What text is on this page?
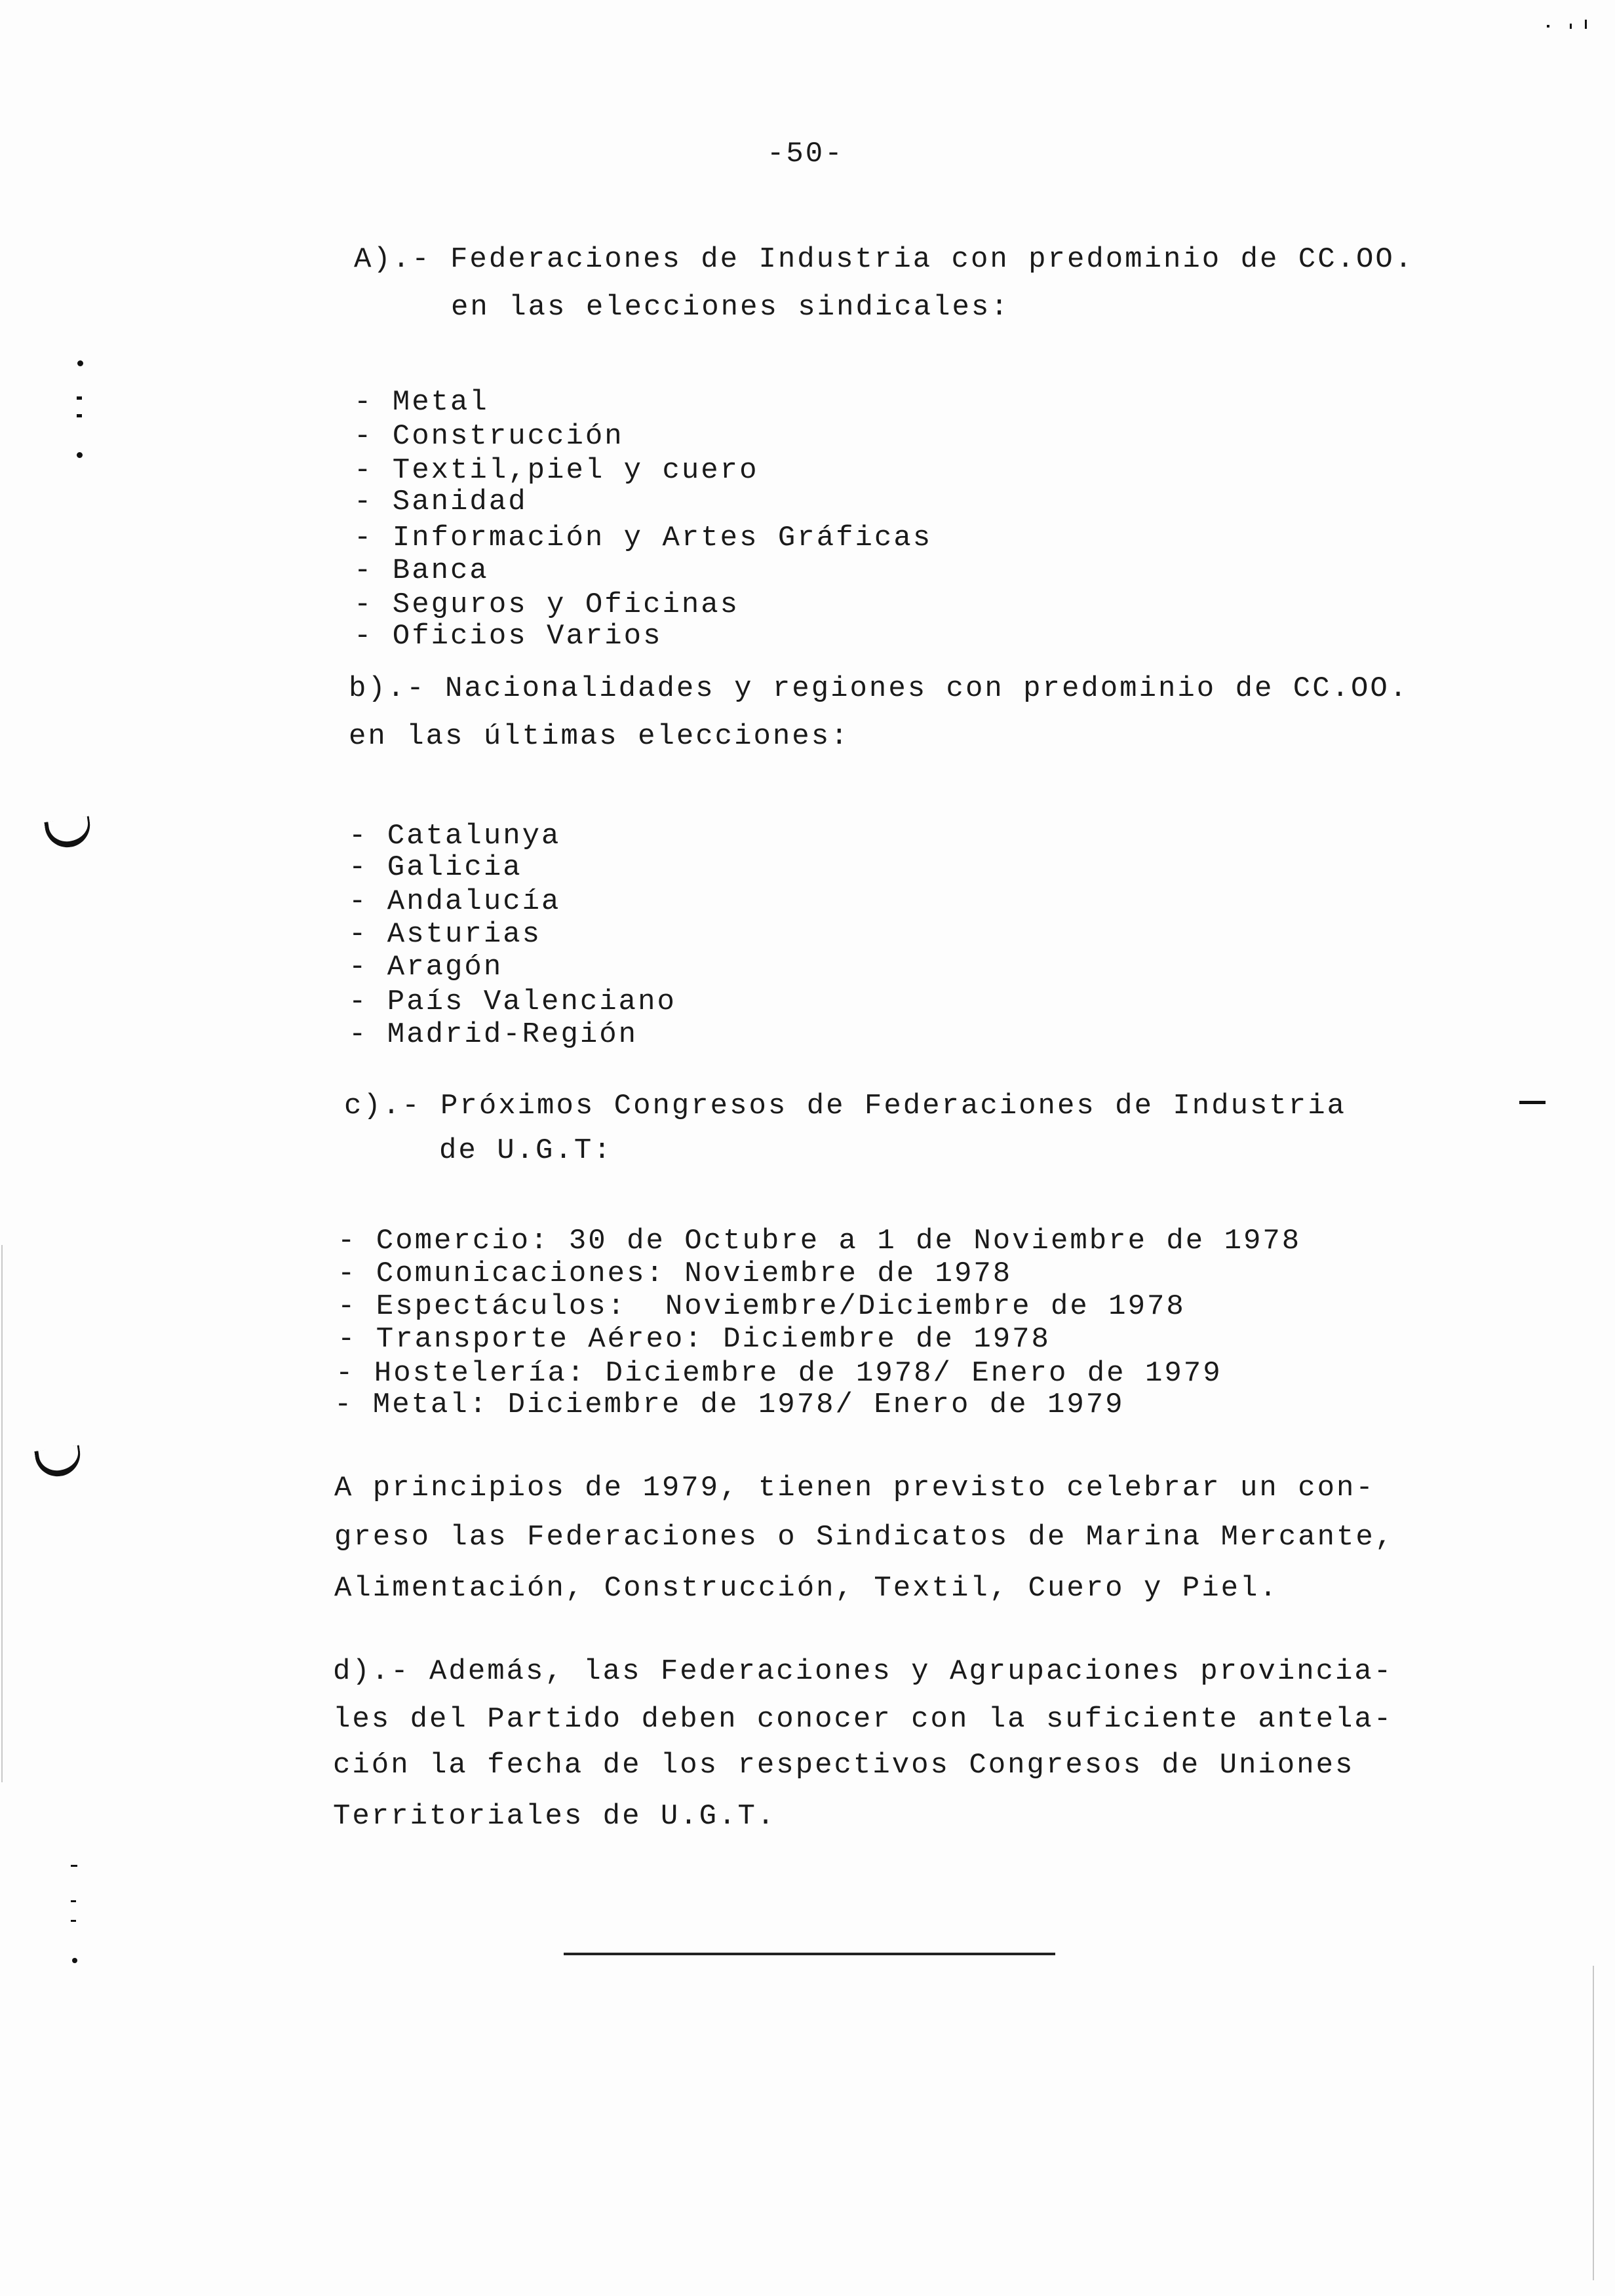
-50-
A).- Federaciones de Industria con predominio de CC.OO.
en las elecciones sindicales:
- Metal
- Construcción
- Textil,piel y cuero
- Sanidad
- Información y Artes Gráficas
- Banca
- Seguros y Oficinas
- Oficios Varios
b).- Nacionalidades y regiones con predominio de CC.OO.
en las últimas elecciones:
- Catalunya
- Galicia
- Andalucía
- Asturias
- Aragón
- País Valenciano
- Madrid-Región
c).- Próximos Congresos de Federaciones de Industria
de U.G.T:
- Comercio: 30 de Octubre a 1 de Noviembre de 1978
- Comunicaciones: Noviembre de 1978
- Espectáculos:  Noviembre/Diciembre de 1978
- Transporte Aéreo: Diciembre de 1978
- Hostelería: Diciembre de 1978/ Enero de 1979
- Metal: Diciembre de 1978/ Enero de 1979
A principios de 1979, tienen previsto celebrar un con-
greso las Federaciones o Sindicatos de Marina Mercante,
Alimentación, Construcción, Textil, Cuero y Piel.
d).- Además, las Federaciones y Agrupaciones provincia-
les del Partido deben conocer con la suficiente antela-
ción la fecha de los respectivos Congresos de Uniones
Territoriales de U.G.T.
